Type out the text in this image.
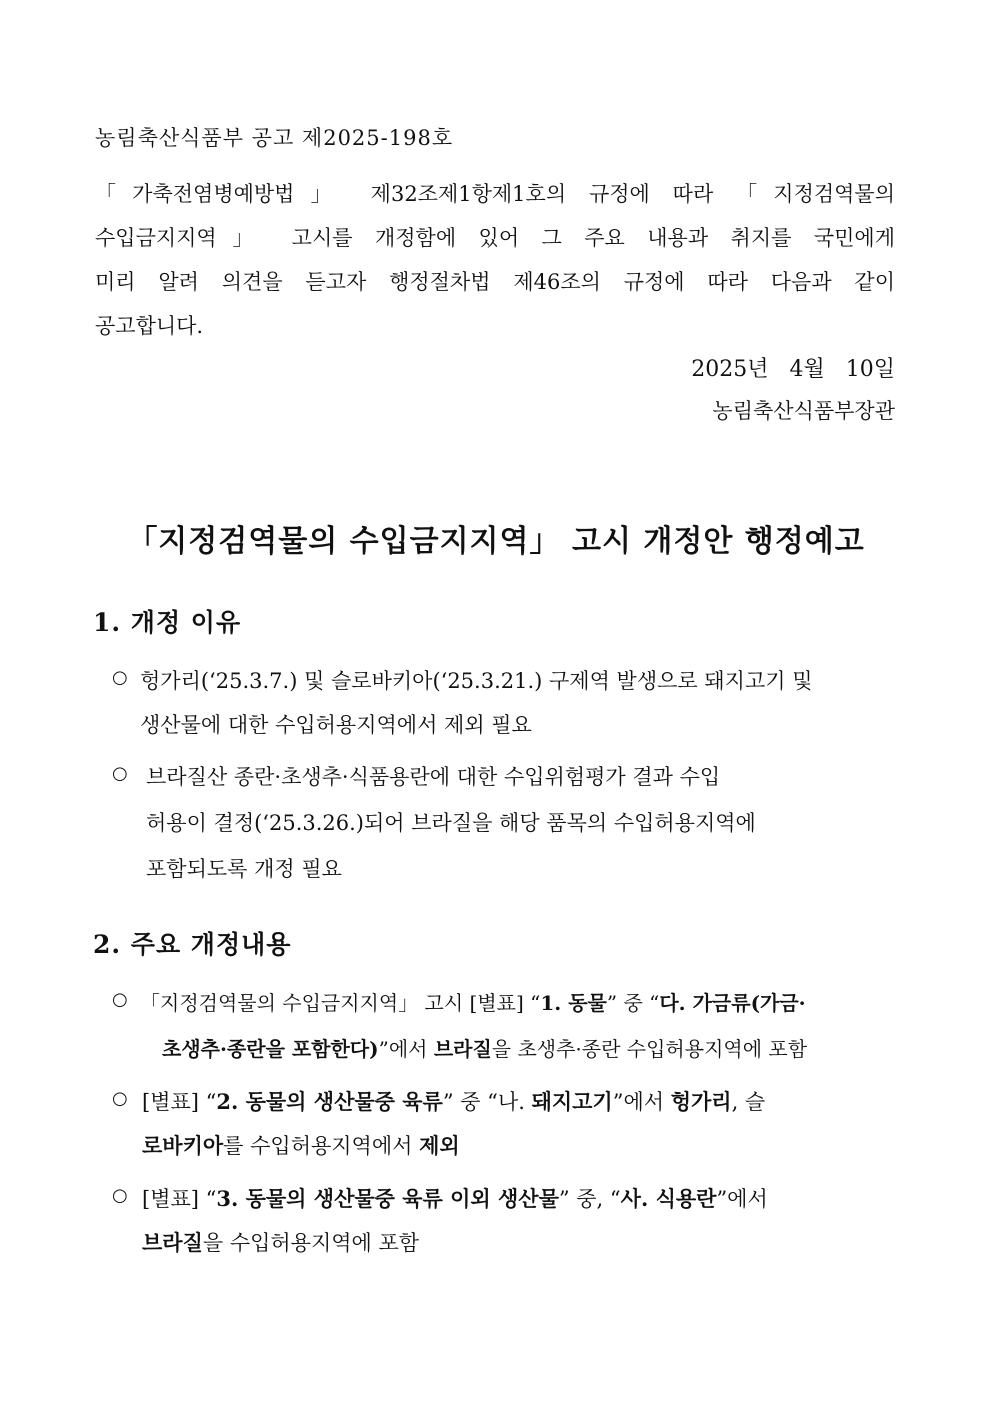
농림축산식품부 공고 제2025-198호
「가축전염병예방법」 제32조제1항제1호의 규정에 따라 「지정검역물의
수입금지지역」 고시를 개정함에 있어 그 주요 내용과 취지를 국민에게
미리 알려 의견을 듣고자 행정절차법 제46조의 규정에 따라 다음과 같이
공고합니다.
2025년 4월 10일
농림축산식품부장관
「지정검역물의 수입금지지역」 고시 개정안 행정예고
1. 개정 이유
○ 헝가리(‘25.3.7.) 및 슬로바키아(‘25.3.21.) 구제역 발생으로 돼지고기 및
생산물에 대한 수입허용지역에서 제외 필요
○ 브라질산 종란·초생추·식품용란에 대한 수입위험평가 결과 수입
허용이 결정(‘25.3.26.)되어 브라질을 해당 품목의 수입허용지역에
포함되도록 개정 필요
2. 주요 개정내용
○ 「지정검역물의 수입금지지역」 고시 [별표] “1. 동물” 중 “다. 가금류(가금·
초생추·종란을 포함한다)”에서 브라질을 초생추·종란 수입허용지역에 포함
○ [별표] “2. 동물의 생산물중 육류” 중 “나. 돼지고기”에서 헝가리, 슬
로바키아를 수입허용지역에서 제외
○ [별표] “3. 동물의 생산물중 육류 이외 생산물” 중, “사. 식용란”에서
브라질을 수입허용지역에 포함
